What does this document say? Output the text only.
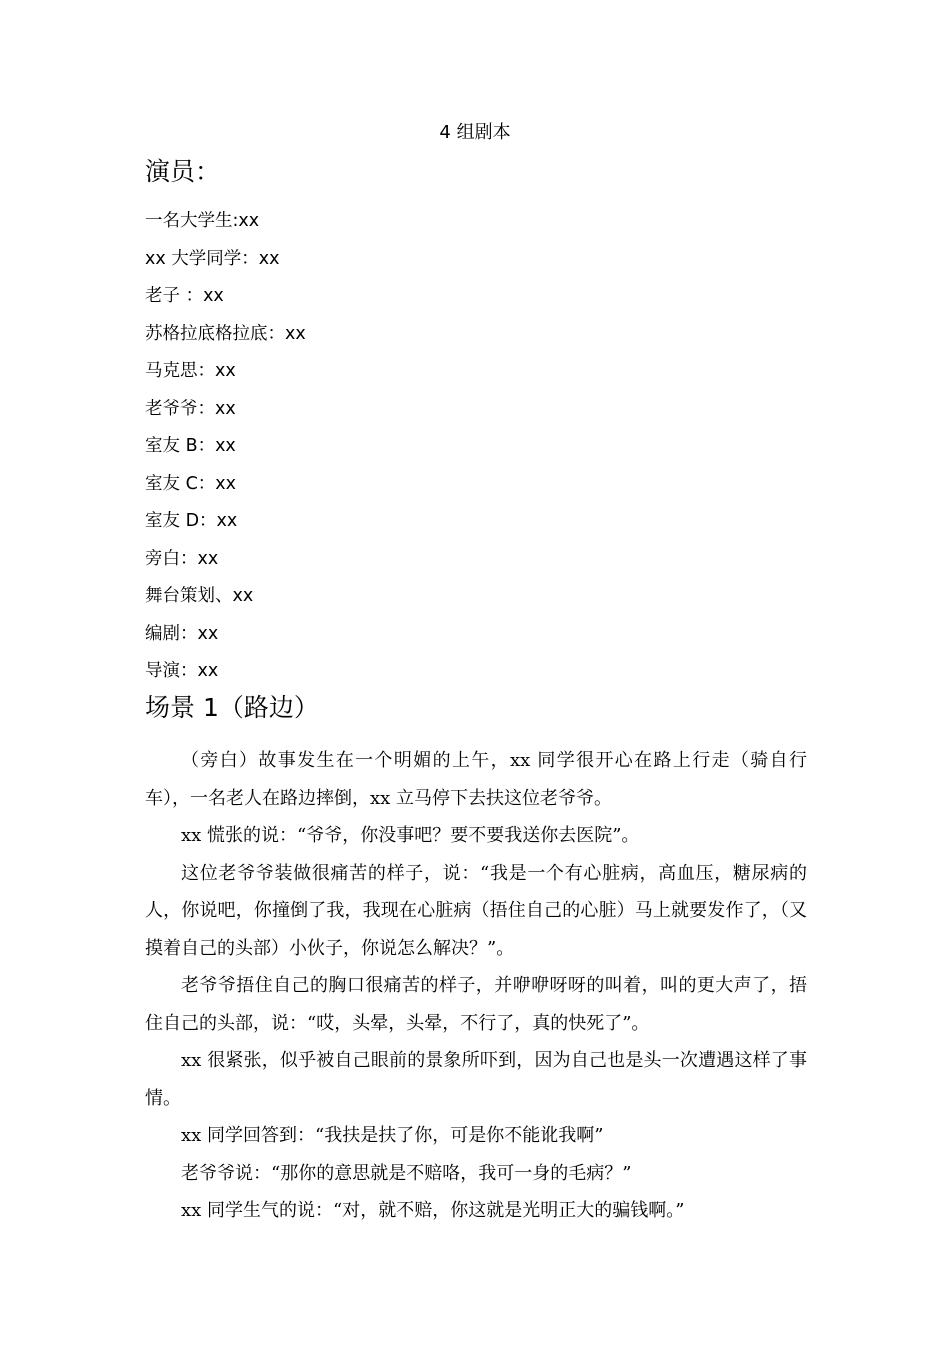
4 组剧本
演员：
一名大学生:xx
xx 大学同学：xx
老子 ：xx
苏格拉底格拉底：xx
马克思：xx
老爷爷：xx
室友 B：xx
室友 C：xx
室友 D：xx
旁白：xx
舞台策划、xx
编剧：xx
导演：xx
场景 1（路边）

（旁白）故事发生在一个明媚的上午，xx 同学很开心在路上行走（骑自行车），一名老人在路边摔倒，xx 立马停下去扶这位老爷爷。

xx 慌张的说：“爷爷，你没事吧？要不要我送你去医院”。

这位老爷爷装做很痛苦的样子，说：“我是一个有心脏病，高血压，糖尿病的人，你说吧，你撞倒了我，我现在心脏病（捂住自己的心脏）马上就要发作了，（又摸着自己的头部）小伙子，你说怎么解决？”。

老爷爷捂住自己的胸口很痛苦的样子，并咿咿呀呀的叫着，叫的更大声了，捂住自己的头部，说：“哎，头晕，头晕，不行了，真的快死了”。

xx 很紧张，似乎被自己眼前的景象所吓到，因为自己也是头一次遭遇这样了事情。

xx 同学回答到：“我扶是扶了你，可是你不能讹我啊”

老爷爷说：“那你的意思就是不赔咯，我可一身的毛病？”

xx 同学生气的说：“对，就不赔，你这就是光明正大的骗钱啊。”
